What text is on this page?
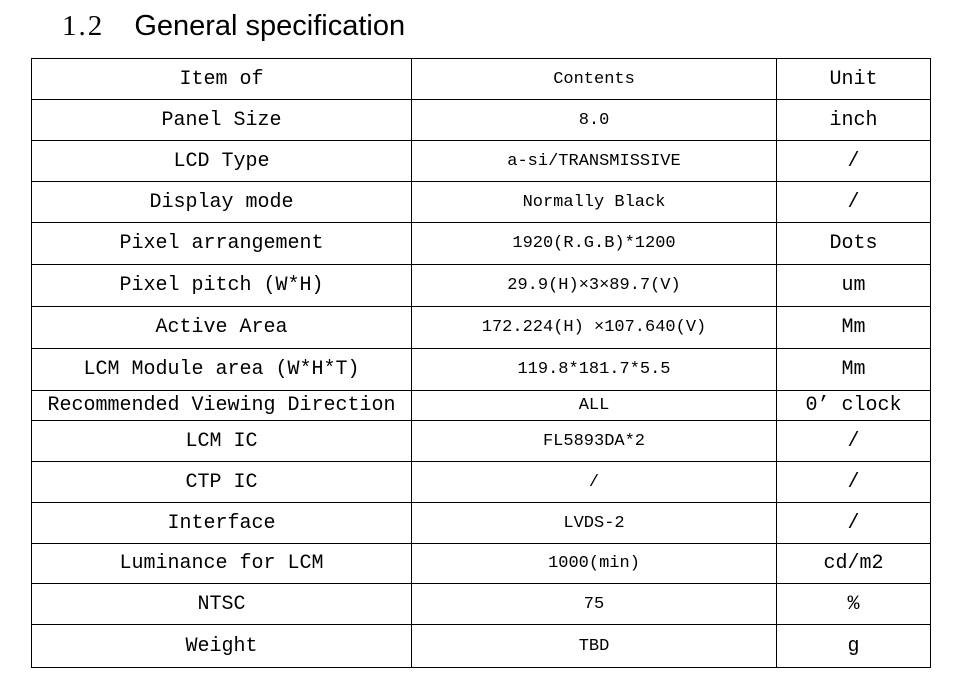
1.2 General specification
Item of	Contents	Unit
Panel Size	8.0	inch
LCD Type	a-si/TRANSMISSIVE	/
Display mode	Normally Black	/
Pixel arrangement	1920(R.G.B)*1200	Dots
Pixel pitch (W*H)	29.9(H)×3×89.7(V)	um
Active Area	172.224(H) ×107.640(V)	Mm
LCM Module area (W*H*T)	119.8*181.7*5.5	Mm
Recommended Viewing Direction	ALL	0’ clock
LCM IC	FL5893DA*2	/
CTP IC	/	/
Interface	LVDS-2	/
Luminance for LCM	1000(min)	cd/m2
NTSC	75	%
Weight	TBD	g
